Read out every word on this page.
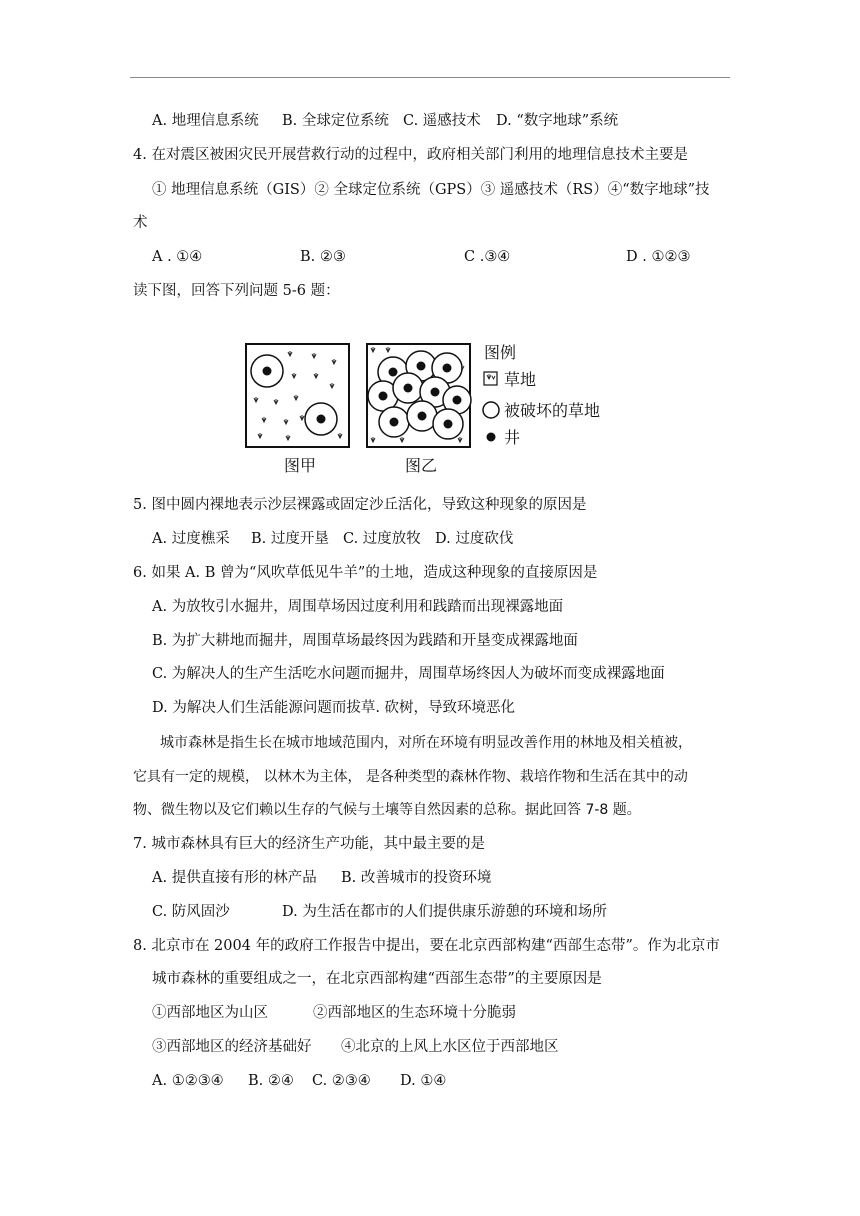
A. 地理信息系统 B. 全球定位系统 C. 遥感技术 D. “数字地球”系统
4. 在对震区被困灾民开展营救行动的过程中，政府相关部门利用的地理信息技术主要是
① 地理信息系统（GIS）② 全球定位系统（GPS）③ 遥感技术（RS）④“数字地球”技
术
A . ①④	B. ②③	C .③④	D . ①②③
读下图，回答下列问题 5-6 题：
图甲	图乙
图例
草地
被破坏的草地
井
5. 图中圆内裸地表示沙层裸露或固定沙丘活化，导致这种现象的原因是
A. 过度樵采 B. 过度开垦 C. 过度放牧 D. 过度砍伐
6. 如果 A. B 曾为“风吹草低见牛羊”的土地，造成这种现象的直接原因是
A. 为放牧引水掘井，周围草场因过度利用和践踏而出现裸露地面
B. 为扩大耕地而掘井，周围草场最终因为践踏和开垦变成裸露地面
C. 为解决人的生产生活吃水问题而掘井，周围草场终因人为破坏而变成裸露地面
D. 为解决人们生活能源问题而拔草. 砍树，导致环境恶化
城市森林是指生长在城市地域范围内，对所在环境有明显改善作用的林地及相关植被，
它具有一定的规模， 以林木为主体， 是各种类型的森林作物、栽培作物和生活在其中的动
物、微生物以及它们赖以生存的气候与土壤等自然因素的总称。据此回答 7-8 题。
7. 城市森林具有巨大的经济生产功能，其中最主要的是
A. 提供直接有形的林产品 B. 改善城市的投资环境
C. 防风固沙	D. 为生活在都市的人们提供康乐游憩的环境和场所
8. 北京市在 2004 年的政府工作报告中提出，要在北京西部构建“西部生态带”。作为北京市
城市森林的重要组成之一，在北京西部构建“西部生态带”的主要原因是
①西部地区为山区	②西部地区的生态环境十分脆弱
③西部地区的经济基础好 ④北京的上风上水区位于西部地区
A. ①②③④ B. ②④ C. ②③④ D. ①④
